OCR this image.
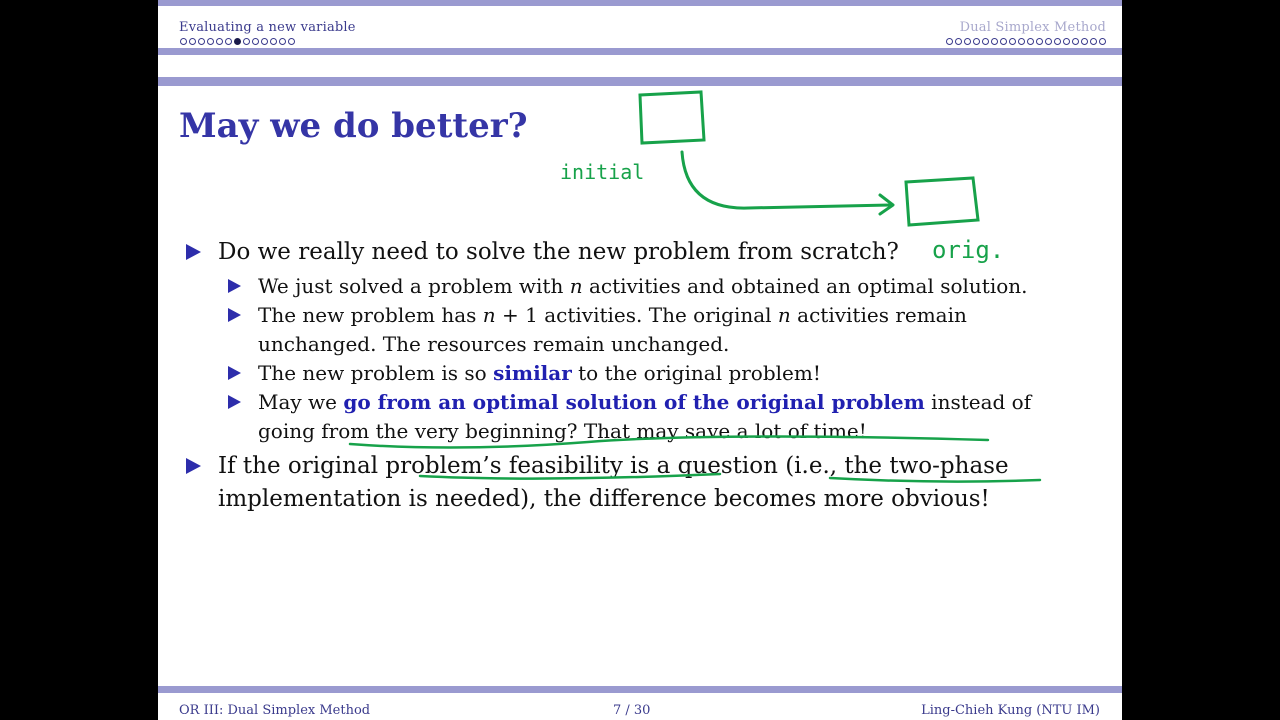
Evaluating a new variable	Dual Simplex Method
May we do better?
Do we really need to solve the new problem from scratch?
We just solved a problem with n activities and obtained an optimal solution.
The new problem has n + 1 activities. The original n activities remain unchanged. The resources remain unchanged.
The new problem is so similar to the original problem!
May we go from an optimal solution of the original problem instead of going from the very beginning? That may save a lot of time!
If the original problem’s feasibility is a question (i.e., the two-phase implementation is needed), the difference becomes more obvious!
initial
orig.
OR III: Dual Simplex Method	7 / 30	Ling-Chieh Kung (NTU IM)
